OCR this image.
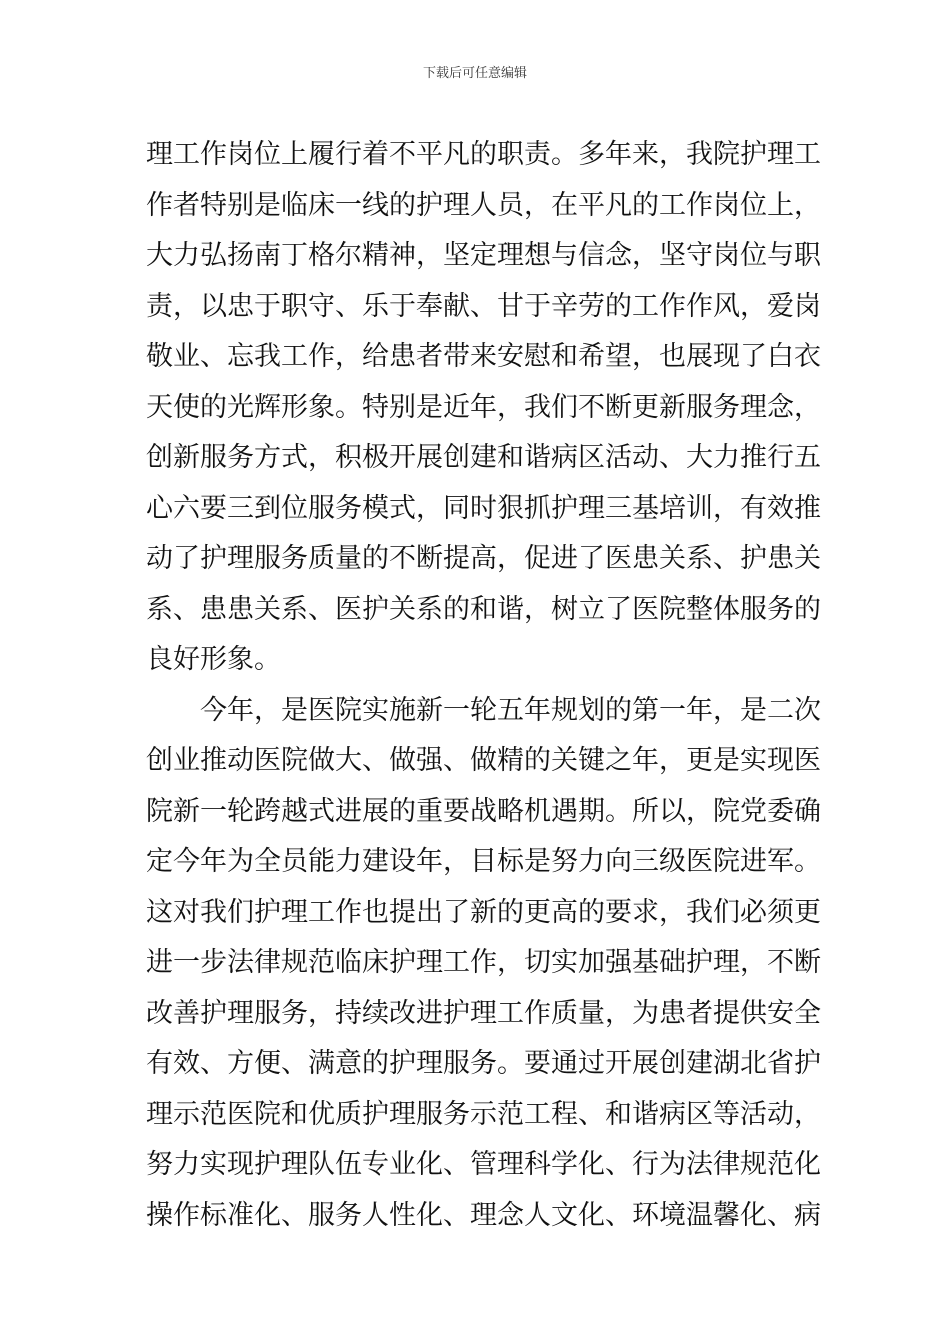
下载后可任意编辑
理工作岗位上履行着不平凡的职责。多年来，我院护理工
作者特别是临床一线的护理人员，在平凡的工作岗位上，
大力弘扬南丁格尔精神，坚定理想与信念，坚守岗位与职
责，以忠于职守、乐于奉献、甘于辛劳的工作作风，爱岗
敬业、忘我工作，给患者带来安慰和希望，也展现了白衣
天使的光辉形象。特别是近年，我们不断更新服务理念，
创新服务方式，积极开展创建和谐病区活动、大力推行五
心六要三到位服务模式，同时狠抓护理三基培训，有效推
动了护理服务质量的不断提高，促进了医患关系、护患关
系、患患关系、医护关系的和谐，树立了医院整体服务的
良好形象。
今年，是医院实施新一轮五年规划的第一年，是二次
创业推动医院做大、做强、做精的关键之年，更是实现医
院新一轮跨越式进展的重要战略机遇期。所以，院党委确
定今年为全员能力建设年，目标是努力向三级医院进军。
这对我们护理工作也提出了新的更高的要求，我们必须更
进一步法律规范临床护理工作，切实加强基础护理，不断
改善护理服务，持续改进护理工作质量，为患者提供安全
有效、方便、满意的护理服务。要通过开展创建湖北省护
理示范医院和优质护理服务示范工程、和谐病区等活动，
努力实现护理队伍专业化、管理科学化、行为法律规范化
操作标准化、服务人性化、理念人文化、环境温馨化、病
